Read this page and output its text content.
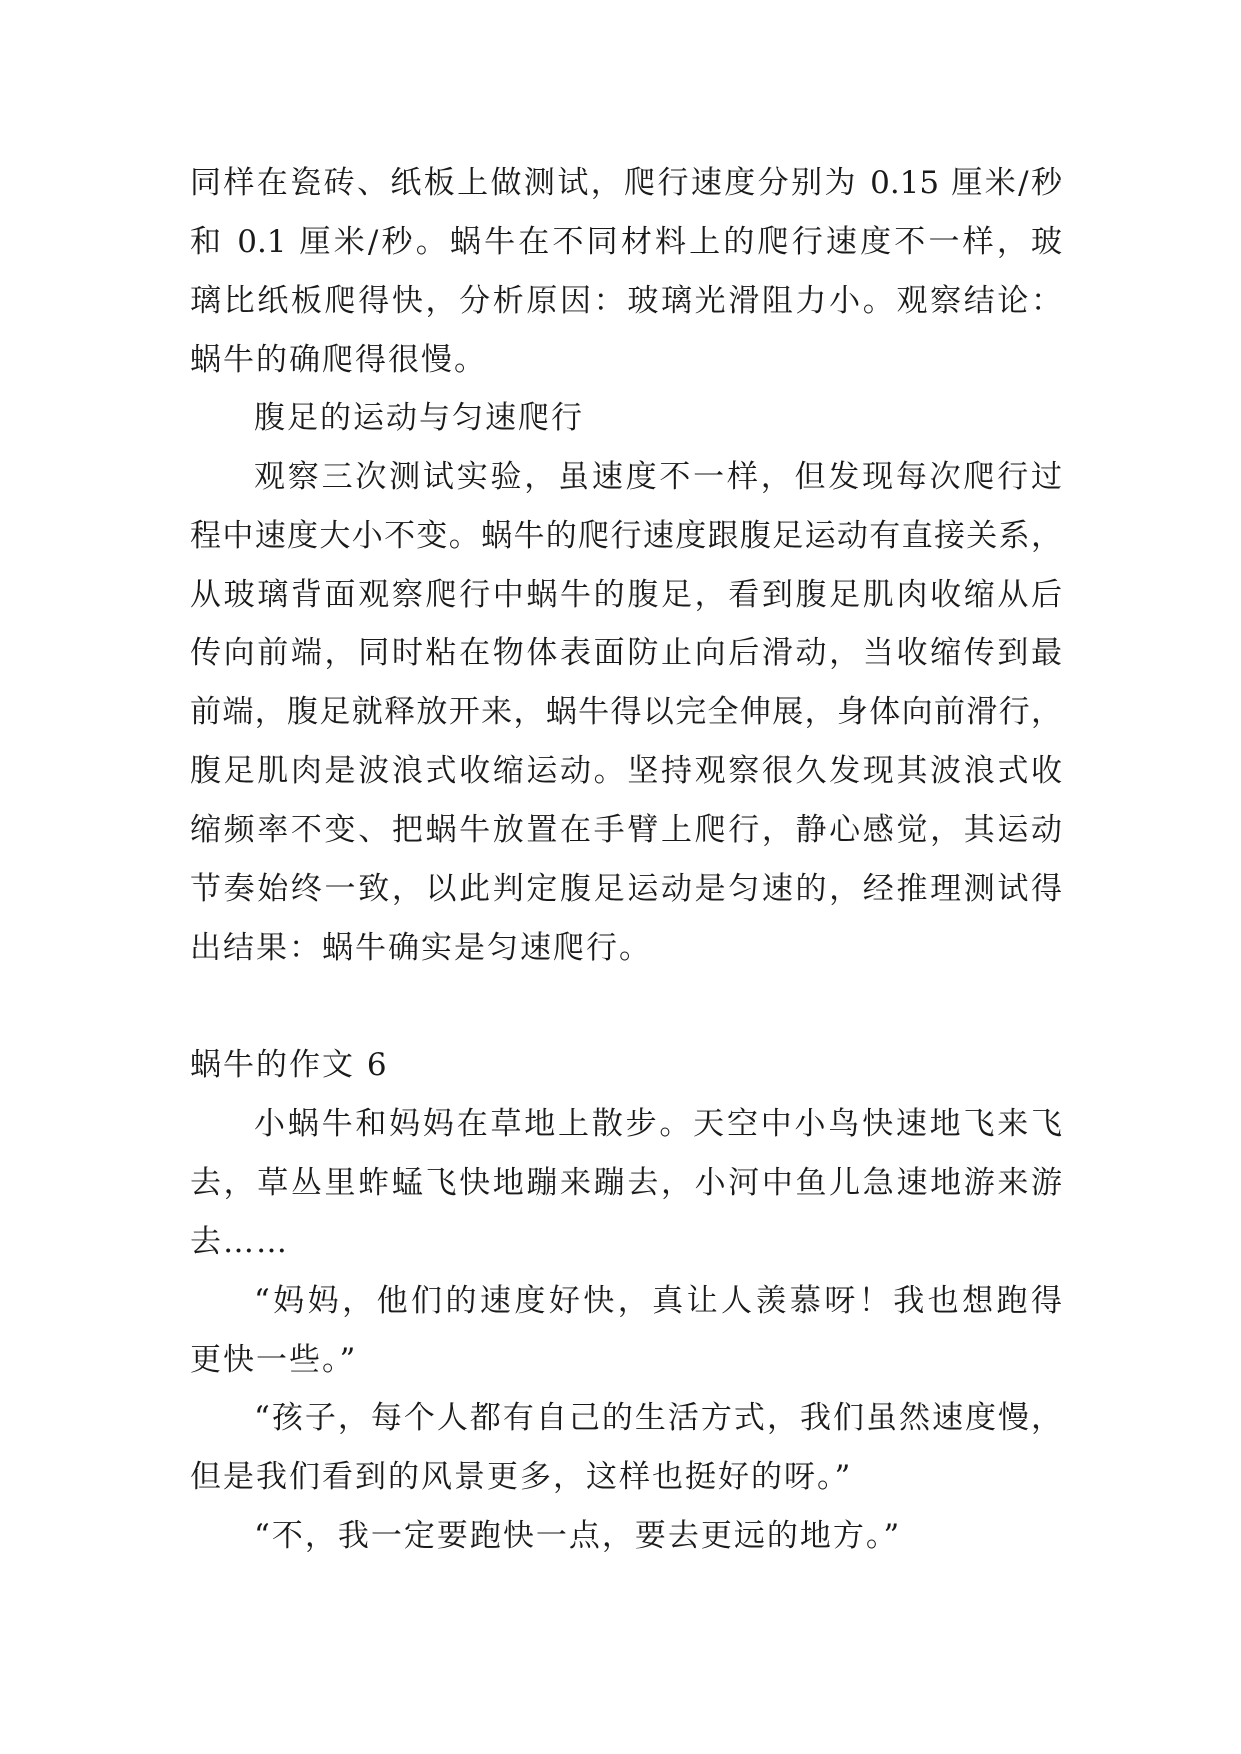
同样在瓷砖、纸板上做测试，爬行速度分别为 0.15 厘米/秒
和 0.1 厘米/秒。蜗牛在不同材料上的爬行速度不一样，玻
璃比纸板爬得快，分析原因：玻璃光滑阻力小。观察结论：
蜗牛的确爬得很慢。
腹足的运动与匀速爬行
观察三次测试实验，虽速度不一样，但发现每次爬行过
程中速度大小不变。蜗牛的爬行速度跟腹足运动有直接关系，
从玻璃背面观察爬行中蜗牛的腹足，看到腹足肌肉收缩从后
传向前端，同时粘在物体表面防止向后滑动，当收缩传到最
前端，腹足就释放开来，蜗牛得以完全伸展，身体向前滑行，
腹足肌肉是波浪式收缩运动。坚持观察很久发现其波浪式收
缩频率不变、把蜗牛放置在手臂上爬行，静心感觉，其运动
节奏始终一致，以此判定腹足运动是匀速的，经推理测试得
出结果：蜗牛确实是匀速爬行。
蜗牛的作文 6
小蜗牛和妈妈在草地上散步。天空中小鸟快速地飞来飞
去，草丛里蚱蜢飞快地蹦来蹦去，小河中鱼儿急速地游来游
去……
“妈妈，他们的速度好快，真让人羡慕呀！我也想跑得
更快一些。”
“孩子，每个人都有自己的生活方式，我们虽然速度慢，
但是我们看到的风景更多，这样也挺好的呀。”
“不，我一定要跑快一点，要去更远的地方。”
